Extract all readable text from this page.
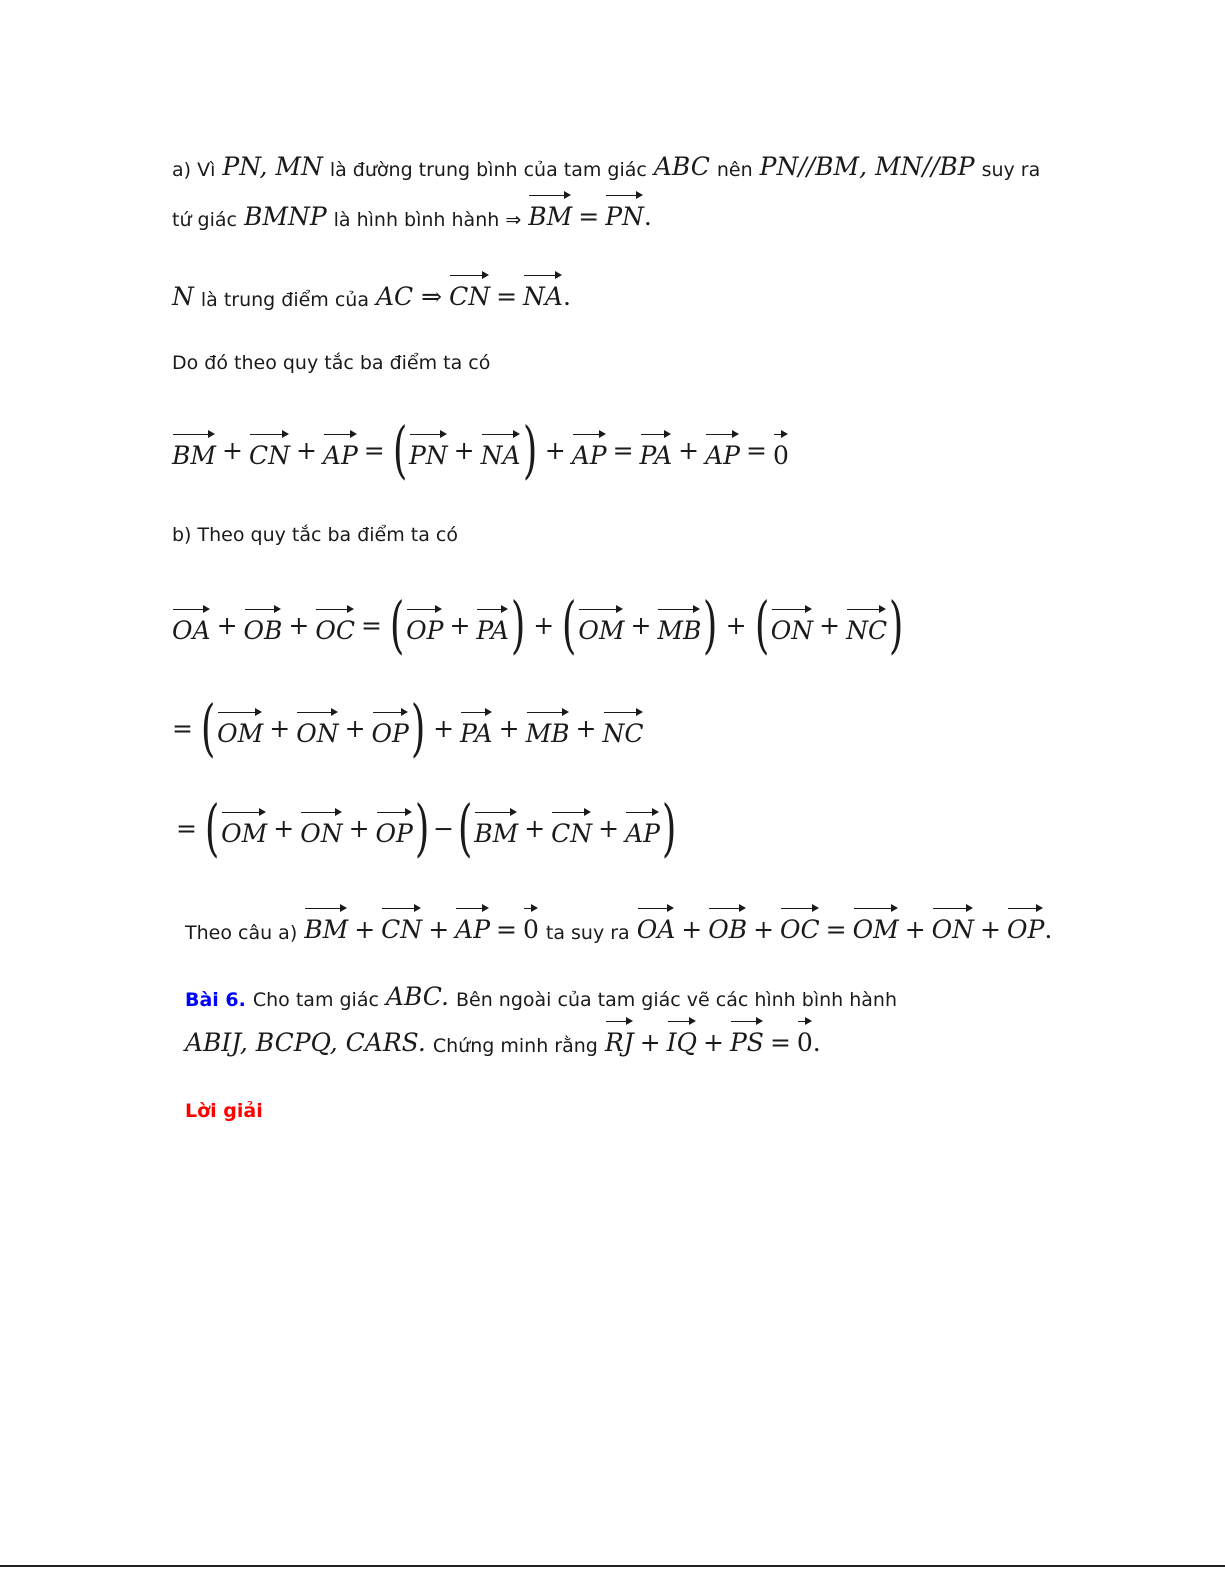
a) Vì PN, MN là đường trung bình của tam giác ABC nên PN//BM, MN//BP suy ra
tứ giác BMNP là hình bình hành ⇒ BM = PN .
N là trung điểm của AC ⇒ CN = NA .
Do đó theo quy tắc ba điểm ta có
BM + CN + AP = ( PN + NA ) + AP = PA + AP = 0
b) Theo quy tắc ba điểm ta có
OA + OB + OC = ( OP + PA ) + ( OM + MB ) + ( ON + NC )
= ( OM + ON + OP ) + PA + MB + NC
= ( OM + ON + OP ) − ( BM + CN + AP )
Theo câu a) BM + CN + AP = 0 ta suy ra OA + OB + OC = OM + ON + OP .
Bài 6. Cho tam giác ABC. Bên ngoài của tam giác vẽ các hình bình hành
ABIJ, BCPQ, CARS. Chứng minh rằng RJ + IQ + PS = 0 .
Lời giải
